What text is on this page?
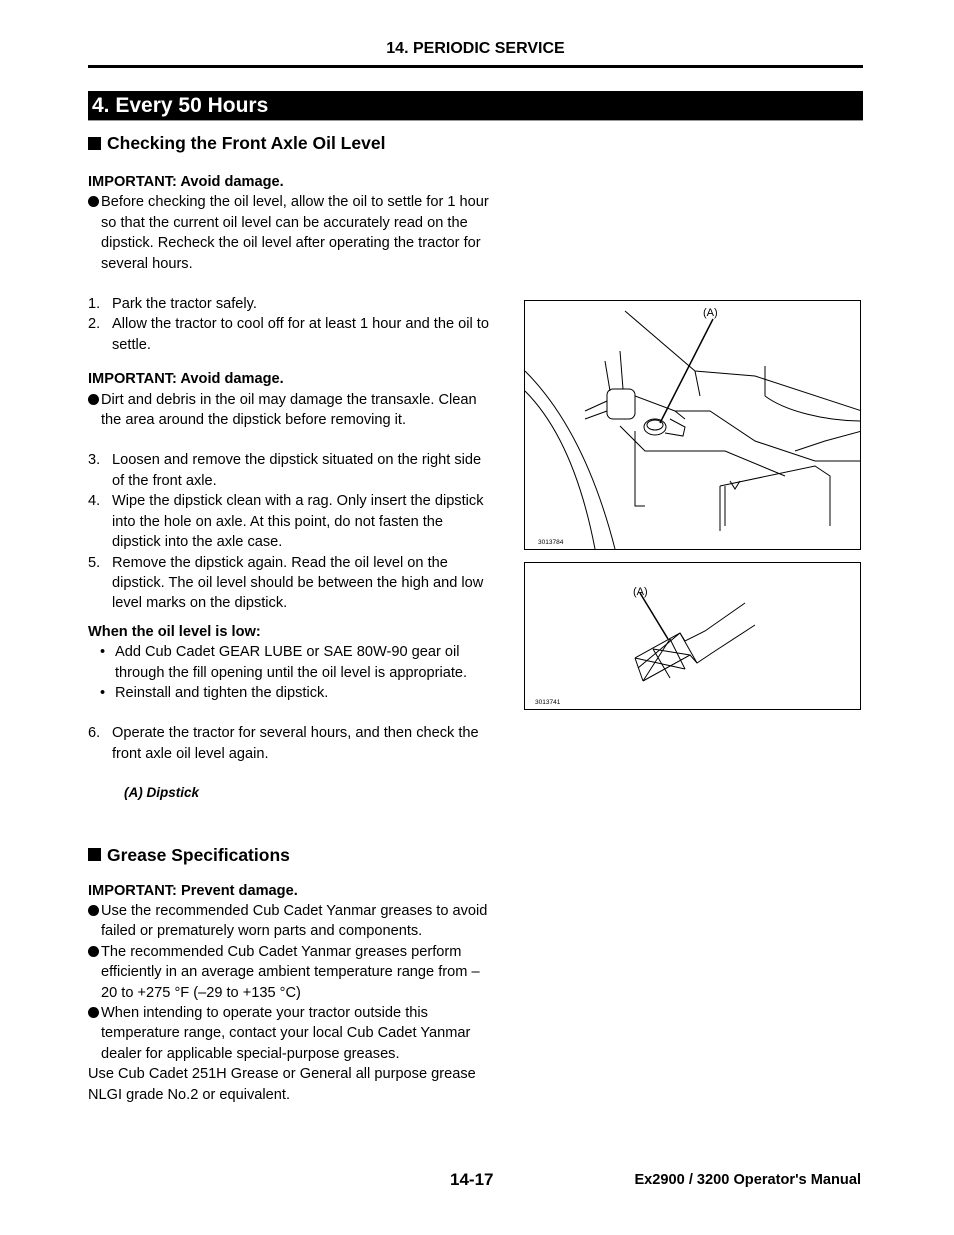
14. PERIODIC SERVICE
4. Every 50 Hours
Checking the Front Axle Oil Level

IMPORTANT: Avoid damage.

Before checking the oil level, allow the oil to settle for 1 hour so that the current oil level can be accurately read on the dipstick. Recheck the oil level after operating the tractor for several hours.

1. Park the tractor safely.
2. Allow the tractor to cool off for at least 1 hour and the oil to settle.

IMPORTANT: Avoid damage.

Dirt and debris in the oil may damage the transaxle. Clean the area around the dipstick before removing it.

3. Loosen and remove the dipstick situated on the right side of the front axle.
4. Wipe the dipstick clean with a rag. Only insert the dipstick into the hole on axle. At this point, do not fasten the dipstick into the axle case.
5. Remove the dipstick again. Read the oil level on the dipstick. The oil level should be between the high and low level marks on the dipstick.

When the oil level is low:

• Add Cub Cadet GEAR LUBE or SAE 80W-90 gear oil through the fill opening until the oil level is appropriate.
• Reinstall and tighten the dipstick.
6. Operate the tractor for several hours, and then check the front axle oil level again.

(A) Dipstick

Grease Specifications

IMPORTANT: Prevent damage.

Use the recommended Cub Cadet Yanmar greases to avoid failed or prematurely worn parts and components.

The recommended Cub Cadet Yanmar greases perform efficiently in an average ambient temperature range from –20 to +275 °F (–29 to +135 °C)

When intending to operate your tractor outside this temperature range, contact your local Cub Cadet Yanmar dealer for applicable special-purpose greases.

Use Cub Cadet 251H Grease or General all purpose grease NLGI grade No.2 or equivalent.

(A)
3013784
(A)
3013741
14-17	Ex2900 / 3200 Operator's Manual
